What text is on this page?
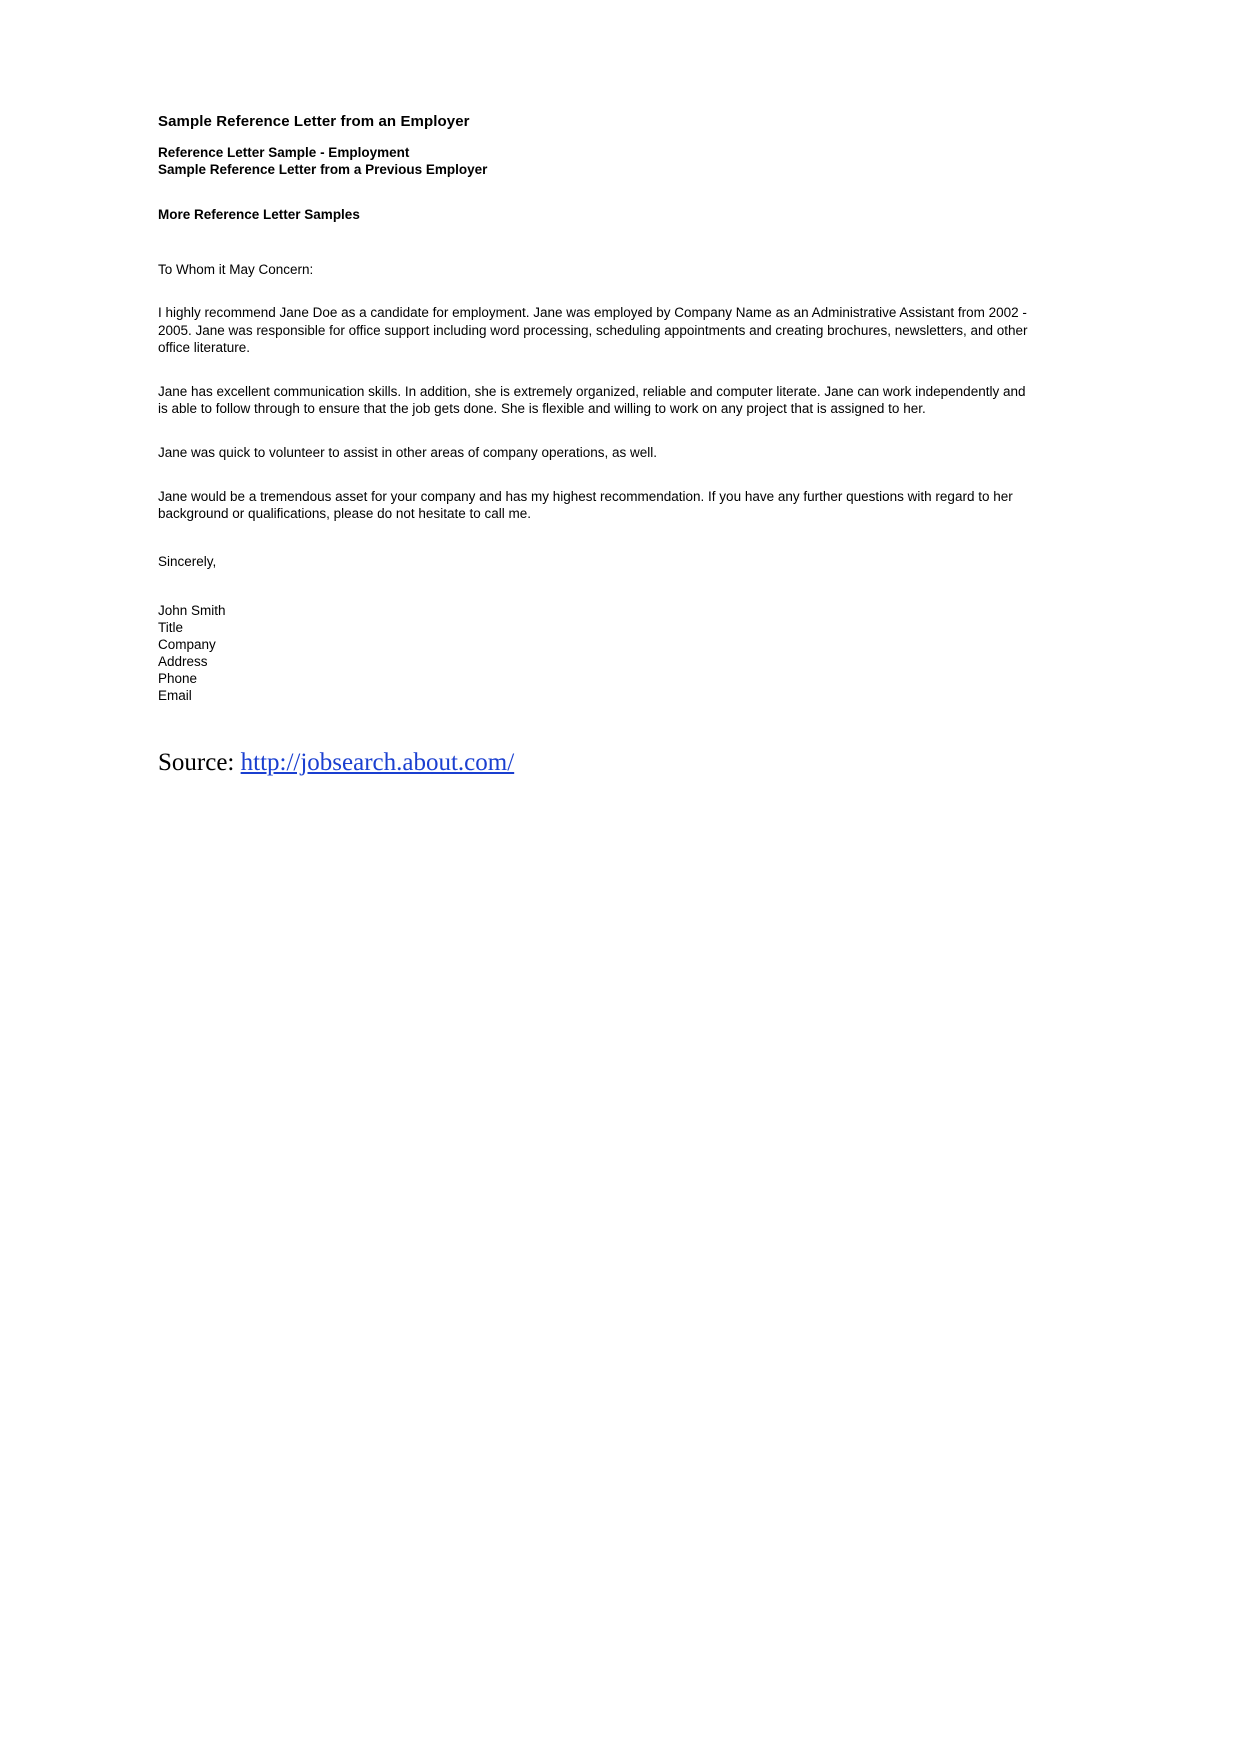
Sample Reference Letter from an Employer

Reference Letter Sample - Employment

Sample Reference Letter from a Previous Employer

More Reference Letter Samples

To Whom it May Concern:

I highly recommend Jane Doe as a candidate for employment. Jane was employed by Company Name as an Administrative Assistant from 2002 - 2005. Jane was responsible for office support including word processing, scheduling appointments and creating brochures, newsletters, and other office literature.

Jane has excellent communication skills. In addition, she is extremely organized, reliable and computer literate. Jane can work independently and is able to follow through to ensure that the job gets done. She is flexible and willing to work on any project that is assigned to her.

Jane was quick to volunteer to assist in other areas of company operations, as well.

Jane would be a tremendous asset for your company and has my highest recommendation. If you have any further questions with regard to her background or qualifications, please do not hesitate to call me.

Sincerely,

John Smith

Title

Company

Address

Phone

Email

Source: http://jobsearch.about.com/
